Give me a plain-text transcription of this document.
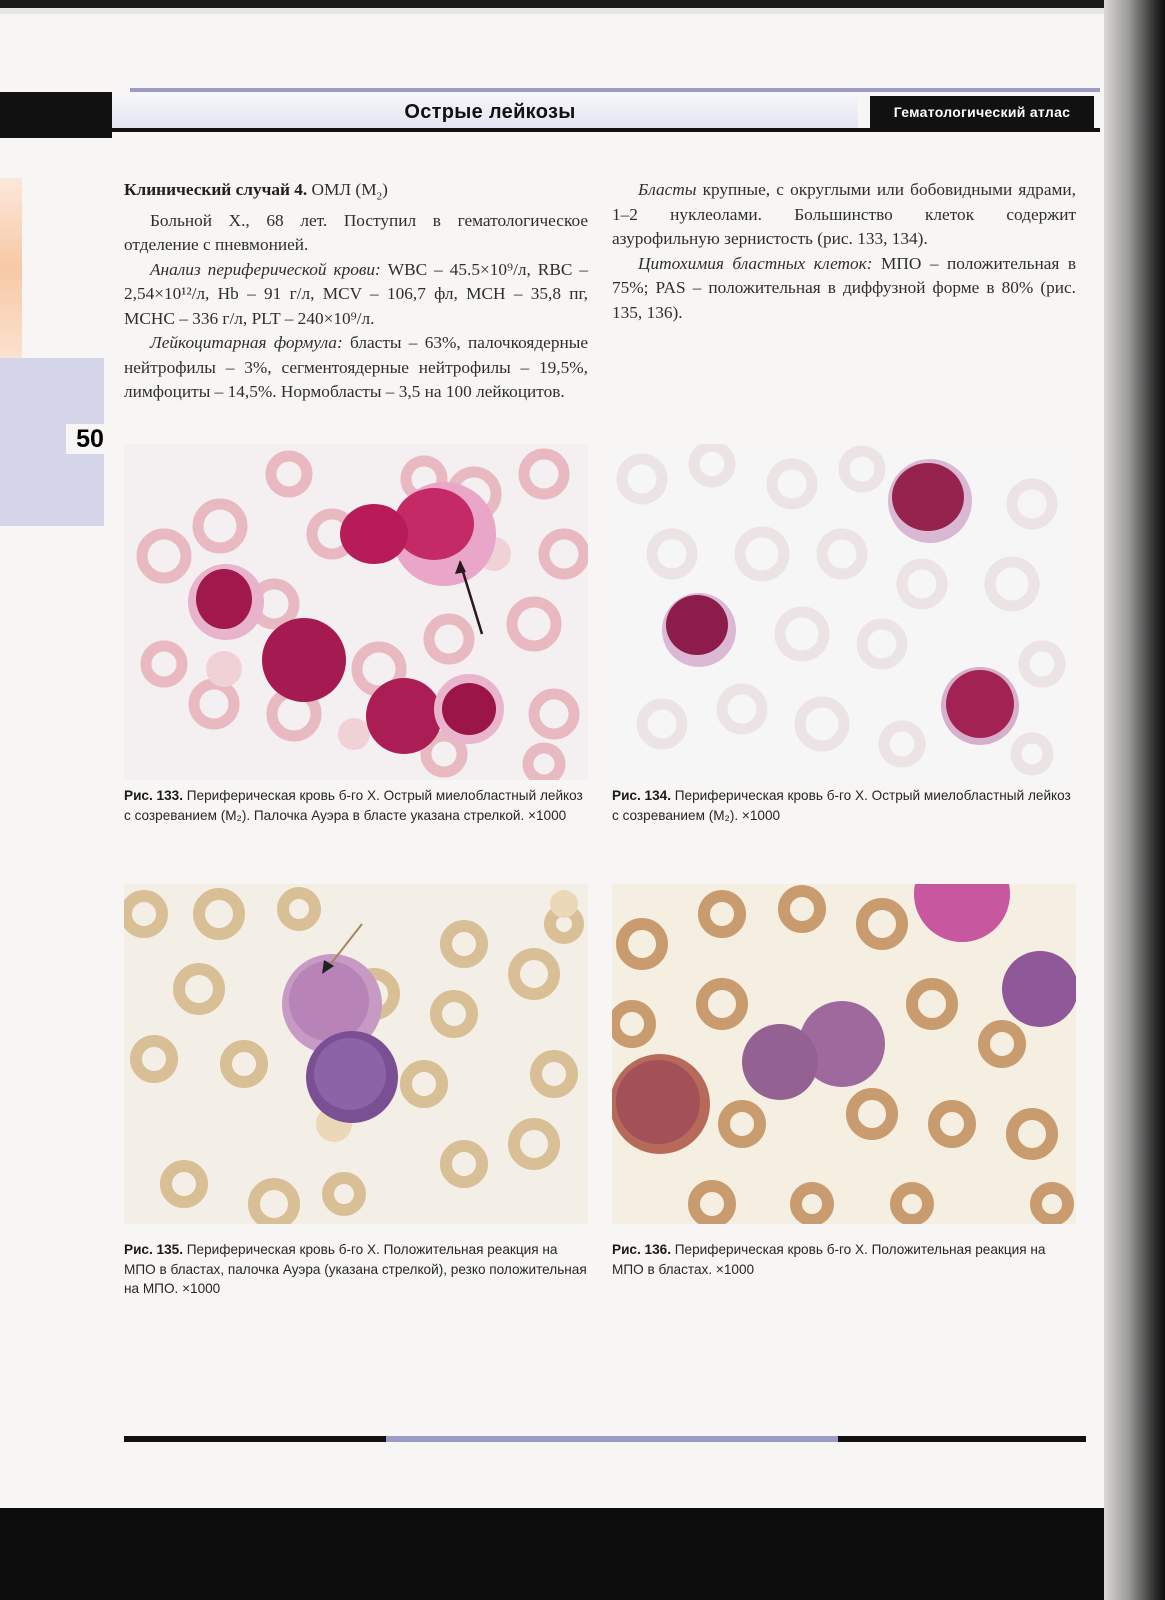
Острые лейкозы	Гематологический атлас
50

Клинический случай 4. ОМЛ $(M_2)$

Больной Х., 68 лет. Поступил в гематологическое отделение с пневмонией.

Анализ периферической крови: WBC – 45.5×10⁹/л, RBC – 2,54×10¹²/л, Hb – 91 г/л, MCV – 106,7 фл, MCH – 35,8 пг, MCHC – 336 г/л, PLT – 240×10⁹/л.

Лейкоцитарная формула: бласты – 63%, палочкоядерные нейтрофилы – 3%, сегментоядерные нейтрофилы – 19,5%, лимфоциты – 14,5%. Нормобласты – 3,5 на 100 лейкоцитов.

Бласты крупные, с округлыми или бобовидными ядрами, 1–2 нуклеолами. Большинство клеток содержит азурофильную зернистость (рис. 133, 134).

Цитохимия бластных клеток: МПО – положительная в 75%; PAS – положительная в диффузной форме в 80% (рис. 135, 136).

Рис. 133. Периферическая кровь б-го Х. Острый миелобластный лейкоз с созреванием (M₂). Палочка Ауэра в бласте указана стрелкой. ×1000
Рис. 134. Периферическая кровь б-го Х. Острый миелобластный лейкоз с созреванием (M₂). ×1000
Рис. 135. Периферическая кровь б-го Х. Положительная реакция на МПО в бластах, палочка Ауэра (указана стрелкой), резко положительная на МПО. ×1000
Рис. 136. Периферическая кровь б-го Х. Положительная реакция на МПО в бластах. ×1000
